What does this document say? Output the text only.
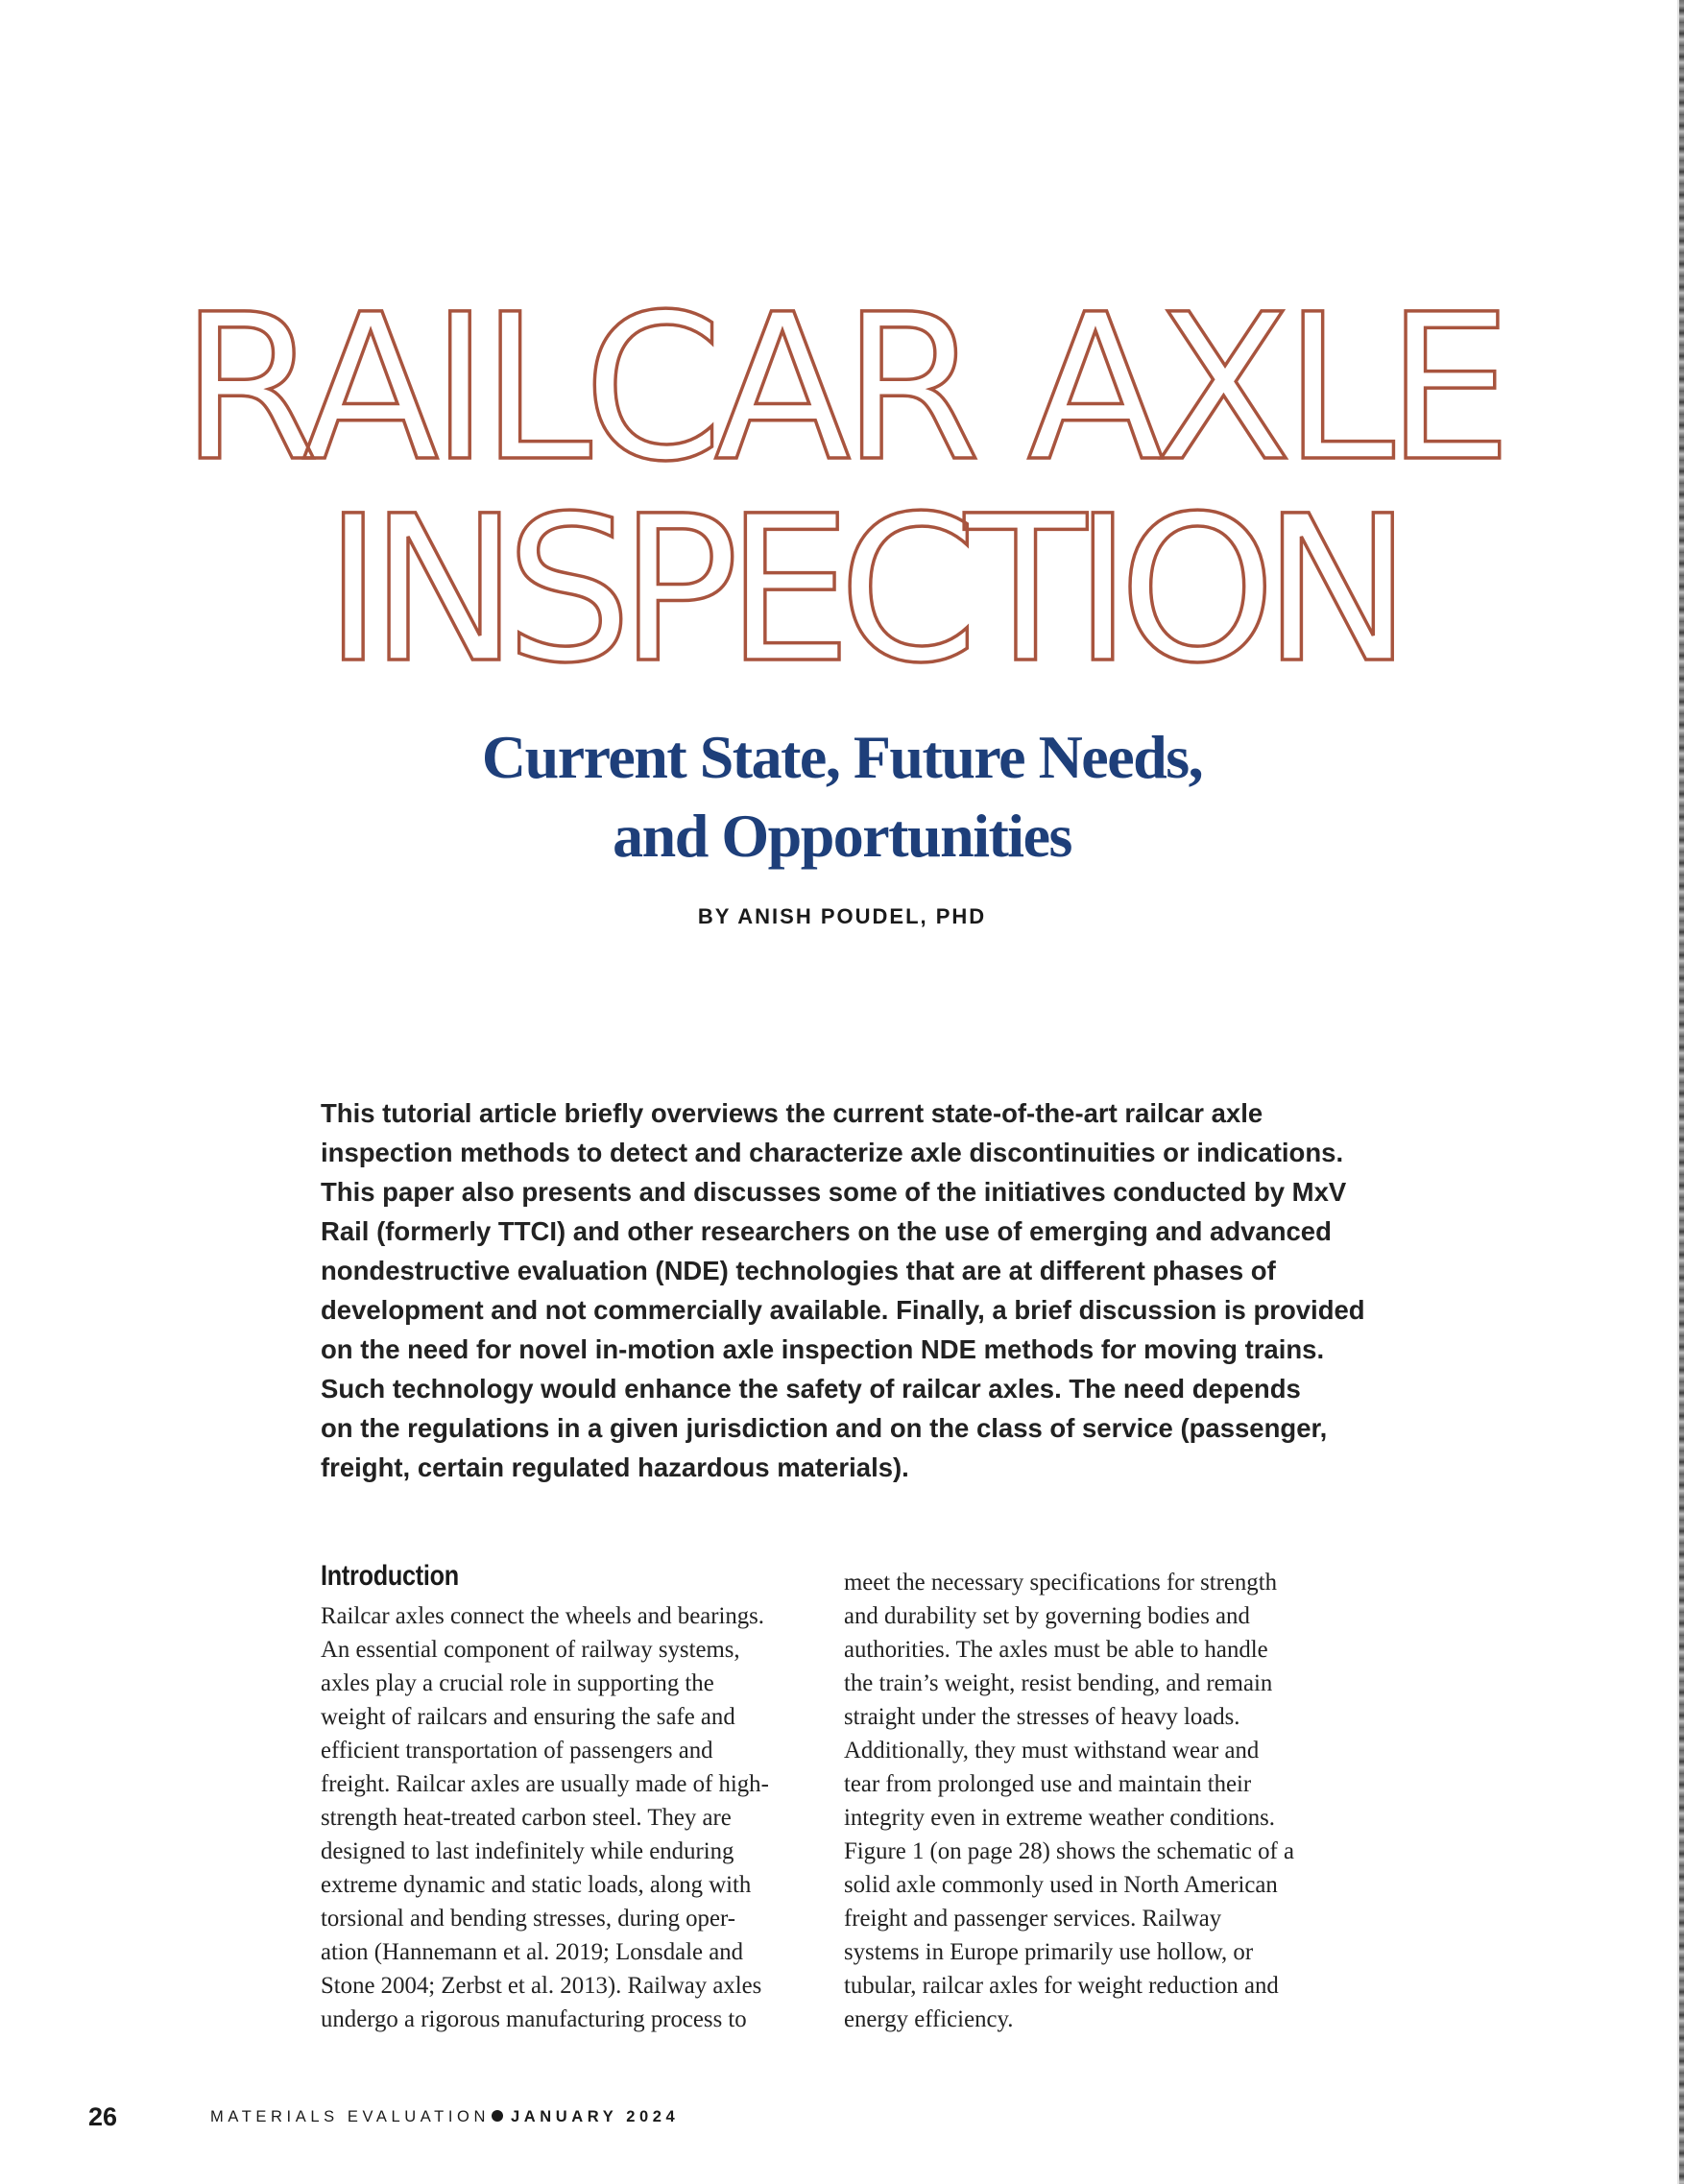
RAILCAR AXLE
INSPECTION
Current State, Future Needs,
and Opportunities

BY ANISH POUDEL, PHD

This tutorial article briefly overviews the current state-of-the-art railcar axle
inspection methods to detect and characterize axle discontinuities or indications.
This paper also presents and discusses some of the initiatives conducted by MxV
Rail (formerly TTCI) and other researchers on the use of emerging and advanced
nondestructive evaluation (NDE) technologies that are at different phases of
development and not commercially available. Finally, a brief discussion is provided
on the need for novel in-motion axle inspection NDE methods for moving trains.
Such technology would enhance the safety of railcar axles. The need depends
on the regulations in a given jurisdiction and on the class of service (passenger,
freight, certain regulated hazardous materials).

Introduction
Railcar axles connect the wheels and bearings.
An essential component of railway systems,
axles play a crucial role in supporting the
weight of railcars and ensuring the safe and
efficient transportation of passengers and
freight. Railcar axles are usually made of high-
strength heat-treated carbon steel. They are
designed to last indefinitely while enduring
extreme dynamic and static loads, along with
torsional and bending stresses, during oper-
ation (Hannemann et al. 2019; Lonsdale and
Stone 2004; Zerbst et al. 2013). Railway axles
undergo a rigorous manufacturing process to
meet the necessary specifications for strength
and durability set by governing bodies and
authorities. The axles must be able to handle
the train’s weight, resist bending, and remain
straight under the stresses of heavy loads.
Additionally, they must withstand wear and
tear from prolonged use and maintain their
integrity even in extreme weather conditions.
Figure 1 (on page 28) shows the schematic of a
solid axle commonly used in North American
freight and passenger services. Railway
systems in Europe primarily use hollow, or
tubular, railcar axles for weight reduction and
energy efficiency.
26	MATERIALS EVALUATION JANUARY 2024
